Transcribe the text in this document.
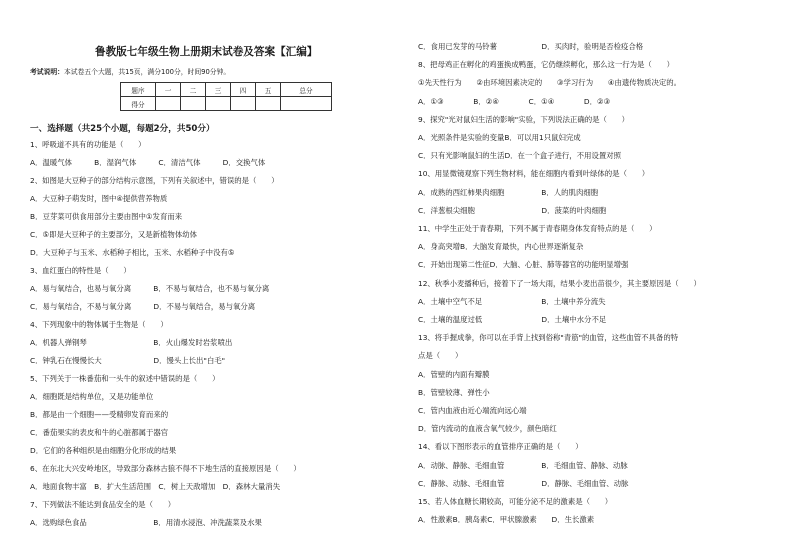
鲁教版七年级生物上册期末试卷及答案【汇编】
考试说明：本试卷五个大题，共15页，满分100分，时间90分钟。
题序	一	二	三	四	五	总分
得分						
一、选择题（共25个小题，每题2分，共50分）
1、呼吸道不具有的功能是（　　）
A．温暖气体　　　B．湿润气体　　　C．清洁气体　　　D．交换气体
2、如图是大豆种子的部分结构示意图，下列有关叙述中，错误的是（　　）
A．大豆种子萌发时，图中④提供营养物质
B．豆芽菜可供食用部分主要由图中①发育而来
C．⑤即是大豆种子的主要部分，又是新植物体幼体
D．大豆种子与玉米、水稻种子相比，玉米、水稻种子中没有⑤
3、血红蛋白的特性是（　　）
A．易与氧结合，也易与氧分离　　　B．不易与氧结合，也不易与氧分离
C．易与氧结合，不易与氧分离　　　D．不易与氧结合，易与氧分离
4、下列现象中的物体属于生物是（　　）
A．机器人弹钢琴　　　　　　　　　B．火山爆发时岩浆喷出
C．钟乳石在慢慢长大　　　　　　　D．馒头上长出"白毛"
5、下列关于一株番茄和一头牛的叙述中错误的是（　　）
A．细胞既是结构单位，又是功能单位
B．都是由一个细胞——受精卵发育而来的
C．番茄果实的表皮和牛的心脏都属于器官
D．它们的各种组织是由细胞分化形成的结果
6、在东北大兴安岭地区，导致部分森林古狼不得不下地生活的直接原因是（　　）
A．地面食物丰富　B．扩大生活范围　C．树上天敌增加　D．森林大量消失
7、下列做法不能达到食品安全的是（　　）
A．选购绿色食品　　　　　　　　　B．用清水浸泡、冲洗蔬菜及水果
C．食用已发芽的马铃薯　　　　　　D．买肉时，验明是否检疫合格
8、把母鸡正在孵化的鸡蛋换成鸭蛋，它仍继续孵化，那么这一行为是（　　）
①先天性行为　　②由环境因素决定的　　③学习行为　　④由遗传物质决定的。
A．①③　　　　B．②④　　　　C．①④　　　　D．②③
9、探究"光对鼠妇生活的影响"实验，下列说法正确的是（　　）
A．光照条件是实验的变量B．可以用1只鼠妇完成
C．只有光影响鼠妇的生活D．在一个盒子进行，不用设置对照
10、用显微镜观察下列生物材料，能在细胞内看到叶绿体的是（　　）
A．成熟的西红柿果肉细胞　　　　　B．人的肌肉细胞
C．洋葱根尖细胞　　　　　　　　　D．菠菜的叶肉细胞
11、中学生正处于青春期，下列不属于青春期身体发育特点的是（　　）
A．身高突增B．大脑发育最快，内心世界逐渐复杂
C．开始出现第二性征D．大脑、心脏、肺等器官的功能明显增强
12、秋季小麦播种后，接着下了一场大雨，结果小麦出苗很少，其主要原因是（　　）
A．土壤中空气不足　　　　　　　　B．土壤中养分流失
C．土壤的温度过低　　　　　　　　D．土壤中水分不足
13、将手握成拳，你可以在手背上找到俗称"青筋"的血管，这些血管不具备的特
点是（　　）
A．管壁的内面有瓣膜
B．管壁较薄、弹性小
C．管内血液由近心端流向远心端
D．管内流动的血液含氧气较少，颜色暗红
14、看以下图形表示的血管排序正确的是（　　）
A．动脉、静脉、毛细血管　　　　　B．毛细血管、静脉、动脉
C．静脉、动脉、毛细血管　　　　　D．静脉、毛细血管、动脉
15、若人体血糖长期较高，可能分泌不足的激素是（　　）
A．性激素B．胰岛素C．甲状腺激素　　D．生长激素
